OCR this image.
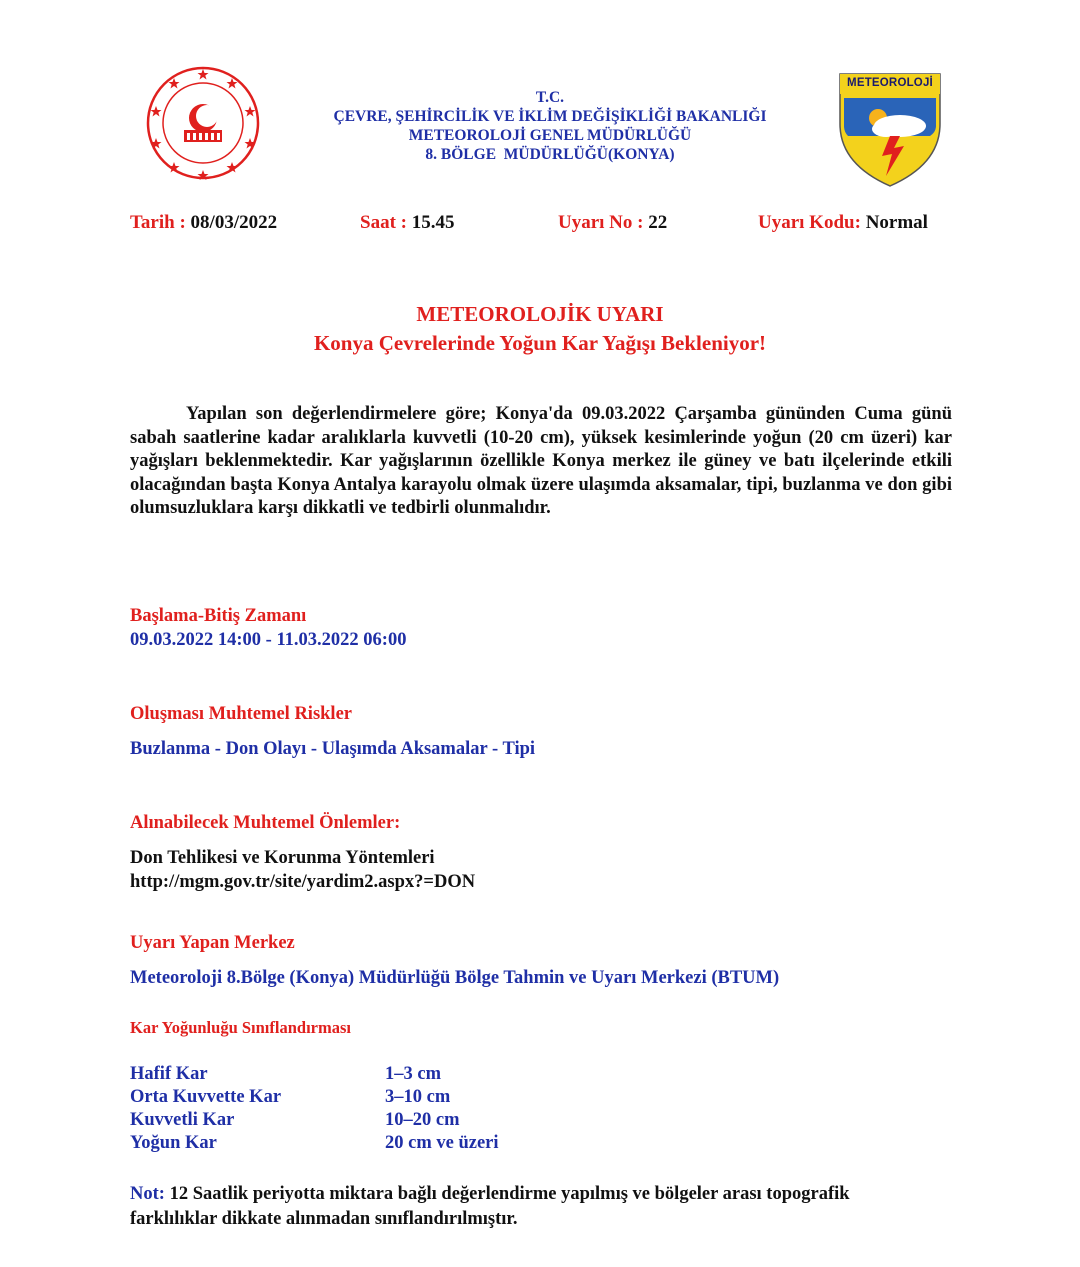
T.C.
ÇEVRE, ŞEHİRCİLİK VE İKLİM DEĞİŞİKLİĞİ BAKANLIĞI
METEOROLOJİ GENEL MÜDÜRLÜĞÜ
8. BÖLGE  MÜDÜRLÜĞÜ(KONYA)
METEOROLOJİ
Tarih : 08/03/2022	Saat : 15.45	Uyarı No : 22	Uyarı Kodu: Normal
METEOROLOJİK UYARI
Konya Çevrelerinde Yoğun Kar Yağışı Bekleniyor!
Yapılan son değerlendirmelere göre; Konya'da 09.03.2022 Çarşamba gününden Cuma günü sabah saatlerine kadar aralıklarla kuvvetli (10-20 cm), yüksek kesimlerinde yoğun (20 cm üzeri) kar yağışları beklenmektedir. Kar yağışlarının özellikle Konya merkez ile güney ve batı ilçelerinde etkili olacağından başta Konya Antalya karayolu olmak üzere ulaşımda aksamalar, tipi, buzlanma ve don gibi olumsuzluklara karşı dikkatli ve tedbirli olunmalıdır.
Başlama-Bitiş Zamanı
09.03.2022 14:00 - 11.03.2022 06:00
Oluşması Muhtemel Riskler
Buzlanma - Don Olayı - Ulaşımda Aksamalar - Tipi
Alınabilecek Muhtemel Önlemler:
Don Tehlikesi ve Korunma Yöntemleri
http://mgm.gov.tr/site/yardim2.aspx?=DON
Uyarı Yapan Merkez
Meteoroloji 8.Bölge (Konya) Müdürlüğü Bölge Tahmin ve Uyarı Merkezi (BTUM)
Kar Yoğunluğu Sınıflandırması
Hafif Kar	1–3 cm
Orta Kuvvette Kar	3–10 cm
Kuvvetli Kar	10–20 cm
Yoğun Kar	20 cm ve üzeri
Not: 12 Saatlik periyotta miktara bağlı değerlendirme yapılmış ve bölgeler arası topografik farklılıklar dikkate alınmadan sınıflandırılmıştır.
